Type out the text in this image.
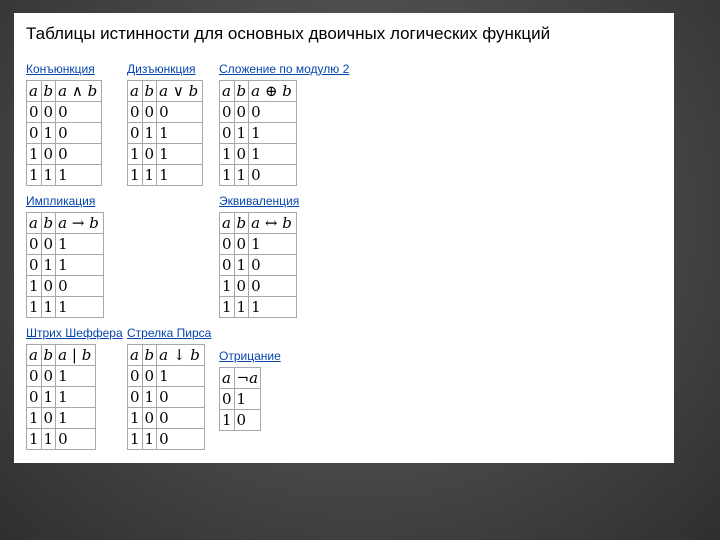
Таблицы истинности для основных двоичных логических функций
Конъюнкция
a	b	a ∧ b
0	0	0
0	1	0
1	0	0
1	1	1
Дизъюнкция
a	b	a ∨ b
0	0	0
0	1	1
1	0	1
1	1	1
Сложение по модулю 2
a	b	a ⊕ b
0	0	0
0	1	1
1	0	1
1	1	0
Импликация
a	b	a → b
0	0	1
0	1	1
1	0	0
1	1	1
Эквиваленция
a	b	a ↔ b
0	0	1
0	1	0
1	0	0
1	1	1
Штрих Шеффера
a	b	a | b
0	0	1
0	1	1
1	0	1
1	1	0
Стрелка Пирса
a	b	a ↓ b
0	0	1
0	1	0
1	0	0
1	1	0
Отрицание
a	¬a
0	1
1	0
